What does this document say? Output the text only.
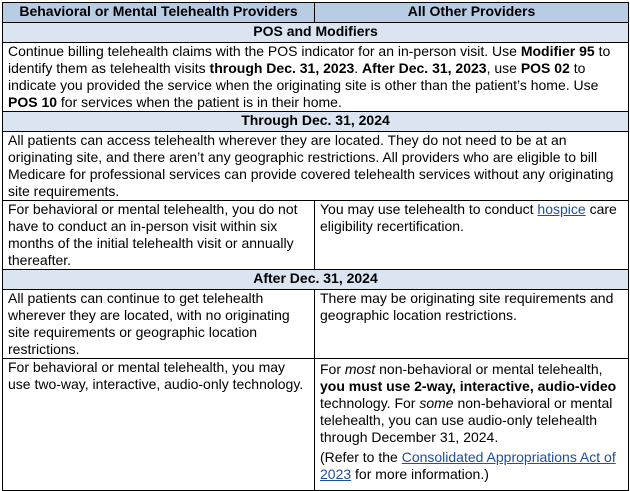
Behavioral or Mental Telehealth Providers	All Other Providers
POS and Modifiers	
Continue billing telehealth claims with the POS indicator for an in-person visit. Use Modifier 95 to identify them as telehealth visits through Dec. 31, 2023. After Dec. 31, 2023, use POS 02 to indicate you provided the service when the originating site is other than the patient’s home. Use POS 10 for services when the patient is in their home.	
Through Dec. 31, 2024	
All patients can access telehealth wherever they are located. They do not need to be at an originating site, and there aren’t any geographic restrictions. All providers who are eligible to bill Medicare for professional services can provide covered telehealth services without any originating site requirements.	
For behavioral or mental telehealth, you do not have to conduct an in-person visit within six months of the initial telehealth visit or annually thereafter.	You may use telehealth to conduct hospice care eligibility recertification.
After Dec. 31, 2024	
All patients can continue to get telehealth wherever they are located, with no originating site requirements or geographic location restrictions.	There may be originating site requirements and geographic location restrictions.
For behavioral or mental telehealth, you may use two-way, interactive, audio-only technology.	For most non-behavioral or mental telehealth, you must use 2-way, interactive, audio-video technology. For some non-behavioral or mental telehealth, you can use audio-only telehealth through December 31, 2024.
(Refer to the Consolidated Appropriations Act of 2023 for more information.)
